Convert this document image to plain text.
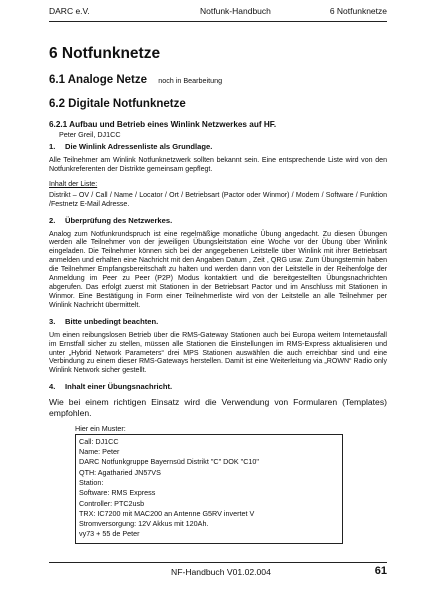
DARC e.V.	Notfunk-Handbuch	6 Notfunknetze
6 Notfunknetze
6.1 Analoge Netze noch in Bearbeitung
6.2 Digitale Notfunknetze
6.2.1 Aufbau und Betrieb eines Winlink Netzwerkes auf HF.
Peter Greil, DJ1CC
1. Die Winlink Adressenliste als Grundlage.

Alle Teilnehmer am Winlink Notfunknetzwerk sollten bekannt sein. Eine entsprechende Liste wird von den Notfunkreferenten der Distrikte gemeinsam gepflegt.

Inhalt der Liste:

Distrikt – OV / Call / Name / Locator / Ort / Betriebsart (Pactor oder Winmor) / Modem / Software / Funktion /Festnetz E-Mail Adresse.

2. Überprüfung des Netzwerkes.

Analog zum Notfunkrundspruch ist eine regelmäßige monatliche Übung angedacht. Zu diesen Übungen werden alle Teilnehmer von der jeweiligen Übungsleitstation eine Woche vor der Übung über Winlink eingeladen. Die Teilnehmer können sich bei der angegebenen Leitstelle über Winlink mit ihrer Betriebsart anmelden und erhalten eine Nachricht mit den Angaben Datum , Zeit , QRG usw. Zum Übungstermin haben die Teilnehmer Empfangsbereitschaft zu halten und werden dann von der Leitstelle in der Reihenfolge der Anmeldung im Peer zu Peer (P2P) Modus kontaktiert und die bereitgestellten Übungsnachrichten abgerufen. Das erfolgt zuerst mit Stationen in der Betriebsart Pactor und im Anschluss mit Stationen in Winmor. Eine Bestätigung in Form einer Teilnehmerliste wird von der Leitstelle an alle Teilnehmer per Winlink Nachricht übermittelt.

3. Bitte unbedingt beachten.

Um einen reibungslosen Betrieb über die RMS-Gateway Stationen auch bei Europa weitem Internetausfall im Ernstfall sicher zu stellen, müssen alle Stationen die Einstellungen im RMS-Express aktualisieren und unter „Hybrid Network Parameters“ drei MPS Stationen auswählen die auch erreichbar sind und eine Verbindung zu einem dieser RMS-Gateways herstellen. Damit ist eine Weiterleitung via „ROWN“ Radio only Winlink Network sicher gestellt.

4. Inhalt einer Übungsnachricht.

Wie bei einem richtigen Einsatz wird die Verwendung von Formularen (Templates) empfohlen.

Hier ein Muster:
Call: DJ1CC
Name: Peter
DARC Notfunkgruppe Bayernsüd Distrikt "C" DOK "C10"
QTH: Agatharied JN57VS
Station:
Software: RMS Express
Controller: PTC2usb
TRX: IC7200 mit MAC200 an Antenne G5RV invertet V
Stromversorgung: 12V Akkus mit 120Ah.
vy73 + 55 de Peter
NF-Handbuch V01.02.004	61
